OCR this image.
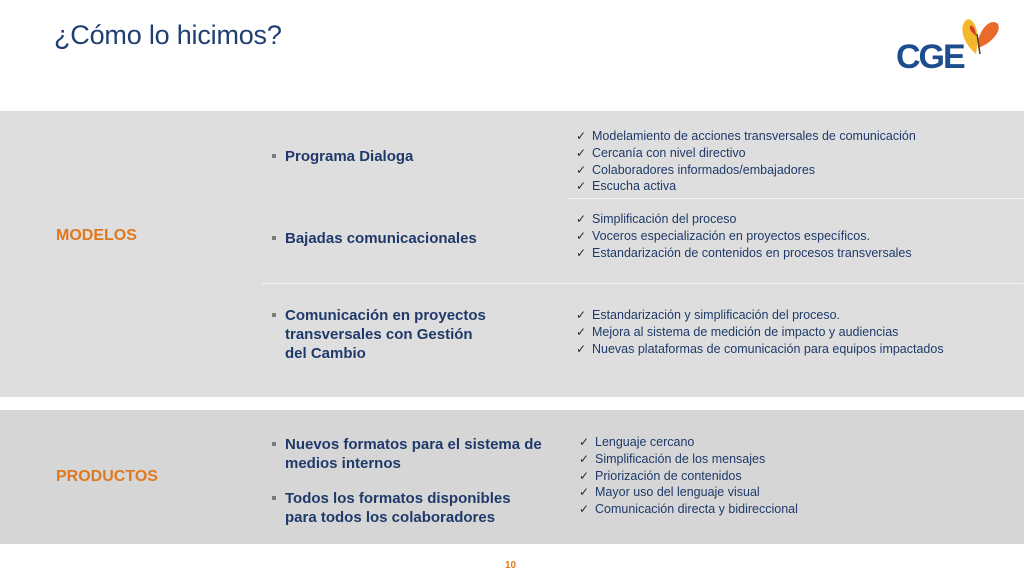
¿Cómo lo hicimos?
CGE
MODELOS
Programa Dialoga
✓ Modelamiento de acciones transversales de comunicación
✓ Cercanía con nivel directivo
✓ Colaboradores informados/embajadores
✓ Escucha activa
Bajadas comunicacionales
✓ Simplificación del proceso
✓ Voceros especialización en proyectos específicos.
✓ Estandarización de contenidos en procesos transversales
Comunicación en proyectos
transversales con Gestión
del Cambio
✓ Estandarización y simplificación del proceso.
✓ Mejora al sistema de medición de impacto y audiencias
✓ Nuevas plataformas de comunicación para equipos impactados
PRODUCTOS
Nuevos formatos para el sistema de
medios internos
Todos los formatos disponibles
para todos los colaboradores
✓ Lenguaje cercano
✓ Simplificación de los mensajes
✓ Priorización de contenidos
✓ Mayor uso del lenguaje visual
✓ Comunicación directa y bidireccional
10
